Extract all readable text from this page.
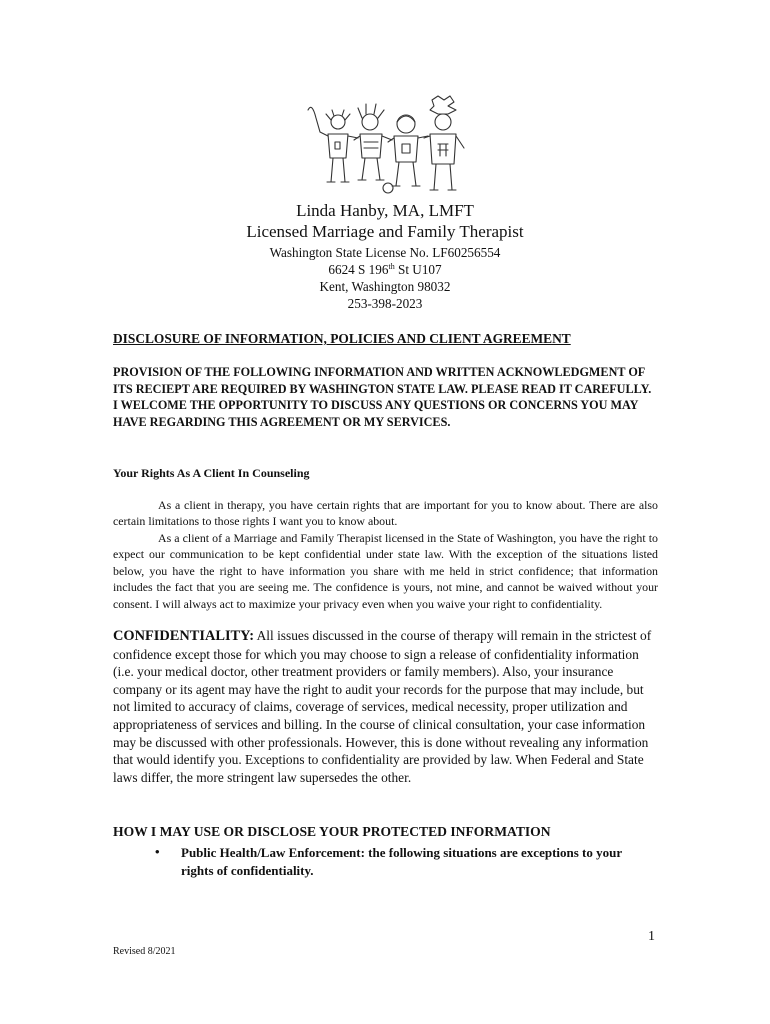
Linda Hanby, MA, LMFT
Licensed Marriage and Family Therapist
Washington State License No. LF60256554
6624 S 196th St U107
Kent, Washington 98032
253-398-2023
DISCLOSURE OF INFORMATION, POLICIES AND CLIENT AGREEMENT
PROVISION OF THE FOLLOWING INFORMATION AND WRITTEN ACKNOWLEDGMENT OF ITS RECIEPT ARE REQUIRED BY WASHINGTON STATE LAW. PLEASE READ IT CAREFULLY. I WELCOME THE OPPORTUNITY TO DISCUSS ANY QUESTIONS OR CONCERNS YOU MAY HAVE REGARDING THIS AGREEMENT OR MY SERVICES.
Your Rights As A Client In Counseling
As a client in therapy, you have certain rights that are important for you to know about. There are also certain limitations to those rights I want you to know about.
As a client of a Marriage and Family Therapist licensed in the State of Washington, you have the right to expect our communication to be kept confidential under state law. With the exception of the situations listed below, you have the right to have information you share with me held in strict confidence; that information includes the fact that you are seeing me. The confidence is yours, not mine, and cannot be waived without your consent. I will always act to maximize your privacy even when you waive your right to confidentiality.
CONFIDENTIALITY: All issues discussed in the course of therapy will remain in the strictest of confidence except those for which you may choose to sign a release of confidentiality information (i.e. your medical doctor, other treatment providers or family members). Also, your insurance company or its agent may have the right to audit your records for the purpose that may include, but not limited to accuracy of claims, coverage of services, medical necessity, proper utilization and appropriateness of services and billing. In the course of clinical consultation, your case information may be discussed with other professionals. However, this is done without revealing any information that would identify you. Exceptions to confidentiality are provided by law. When Federal and State laws differ, the more stringent law supersedes the other.
HOW I MAY USE OR DISCLOSE YOUR PROTECTED INFORMATION
• Public Health/Law Enforcement: the following situations are exceptions to your rights of confidentiality.
1
Revised 8/2021
